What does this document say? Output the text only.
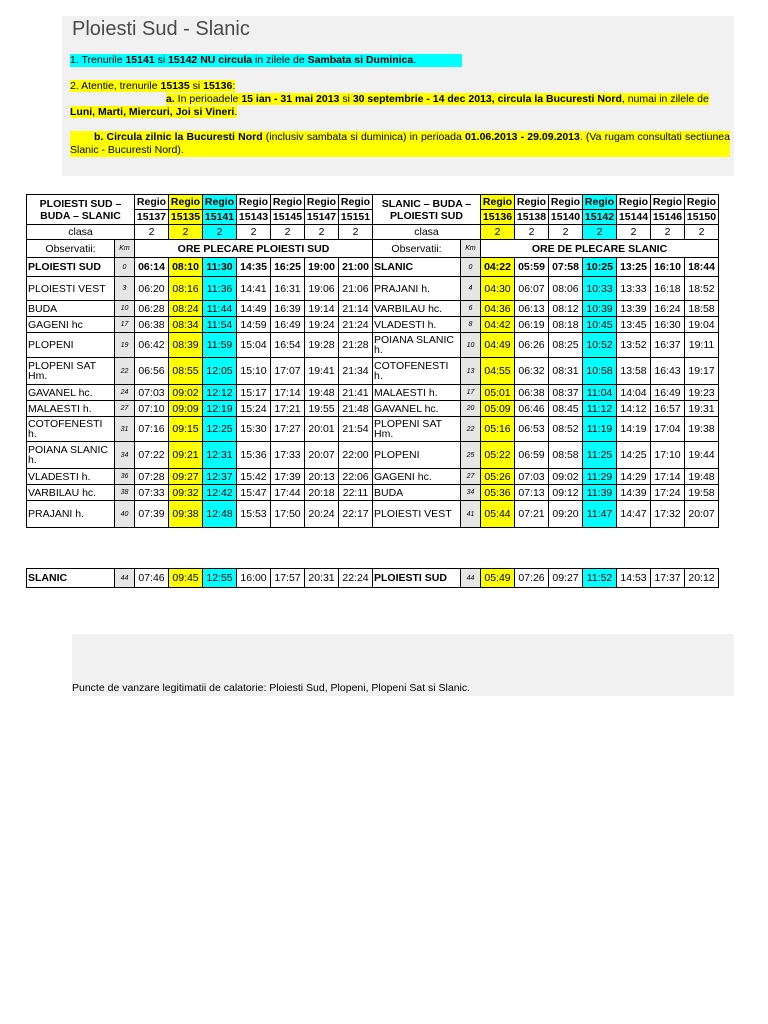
Ploiesti Sud - Slanic
1. Trenurile 15141 si 15142 NU circula in zilele de Sambata si Duminica.
2. Atentie, trenurile 15135 si 15136:
a. In perioadele 15 ian - 31 mai 2013 si 30 septembrie - 14 dec 2013, circula la Bucuresti Nord, numai in zilele de Luni, Marti, Miercuri, Joi si Vineri.
b. Circula zilnic la Bucuresti Nord (inclusiv sambata si duminica) in perioada 01.06.2013 - 29.09.2013. (Va rugam consultati sectiunea Slanic - Bucuresti Nord).
PLOIESTI SUD – BUDA – SLANIC		Regio	Regio	Regio	Regio	Regio	Regio	Regio	SLANIC – BUDA – PLOIESTI SUD		Regio	Regio	Regio	Regio	Regio	Regio	Regio
		15137	15135	15141	15143	15145	15147	15151			15136	15138	15140	15142	15144	15146	15150
clasa		2	2	2	2	2	2	2	clasa		2	2	2	2	2	2	2
Observatii:	Km	ORE PLECARE PLOIESTI SUD							Observatii:	Km	ORE DE PLECARE SLANIC						
PLOIESTI SUD	0	06:14	08:10	11:30	14:35	16:25	19:00	21:00	SLANIC	0	04:22	05:59	07:58	10:25	13:25	16:10	18:44
PLOIESTI VEST	3	06:20	08:16	11:36	14:41	16:31	19:06	21:06	PRAJANI h.	4	04:30	06:07	08:06	10:33	13:33	16:18	18:52
BUDA	10	06:28	08:24	11:44	14:49	16:39	19:14	21:14	VARBILAU hc.	6	04:36	06:13	08:12	10:39	13:39	16:24	18:58
GAGENI hc	17	06:38	08:34	11:54	14:59	16:49	19:24	21:24	VLADESTI h.	8	04:42	06:19	08:18	10:45	13:45	16:30	19:04
PLOPENI	19	06:42	08:39	11:59	15:04	16:54	19:28	21:28	POIANA SLANIC h.	10	04:49	06:26	08:25	10:52	13:52	16:37	19:11
PLOPENI SAT Hm.	22	06:56	08:55	12:05	15:10	17:07	19:41	21:34	COTOFENESTI h.	13	04:55	06:32	08:31	10:58	13:58	16:43	19:17
GAVANEL hc.	24	07:03	09:02	12:12	15:17	17:14	19:48	21:41	MALAESTI h.	17	05:01	06:38	08:37	11:04	14:04	16:49	19:23
MALAESTI h.	27	07:10	09:09	12:19	15:24	17:21	19:55	21:48	GAVANEL hc.	20	05:09	06:46	08:45	11:12	14:12	16:57	19:31
COTOFENESTI h.	31	07:16	09:15	12:25	15:30	17:27	20:01	21:54	PLOPENI SAT Hm.	22	05:16	06:53	08:52	11:19	14:19	17:04	19:38
POIANA SLANIC h.	34	07:22	09:21	12:31	15:36	17:33	20:07	22:00	PLOPENI	25	05:22	06:59	08:58	11:25	14:25	17:10	19:44
VLADESTI h.	36	07:28	09:27	12:37	15:42	17:39	20:13	22:06	GAGENI hc.	27	05:26	07:03	09:02	11:29	14:29	17:14	19:48
VARBILAU hc.	38	07:33	09:32	12:42	15:47	17:44	20:18	22:11	BUDA	34	05:36	07:13	09:12	11:39	14:39	17:24	19:58
PRAJANI h.	40	07:39	09:38	12:48	15:53	17:50	20:24	22:17	PLOIESTI VEST	41	05:44	07:21	09:20	11:47	14:47	17:32	20:07

SLANIC	44	07:46	09:45	12:55	16:00	17:57	20:31	22:24	PLOIESTI SUD	44	05:49	07:26	09:27	11:52	14:53	17:37	20:12
Puncte de vanzare legitimatii de calatorie: Ploiesti Sud, Plopeni, Plopeni Sat si Slanic.
